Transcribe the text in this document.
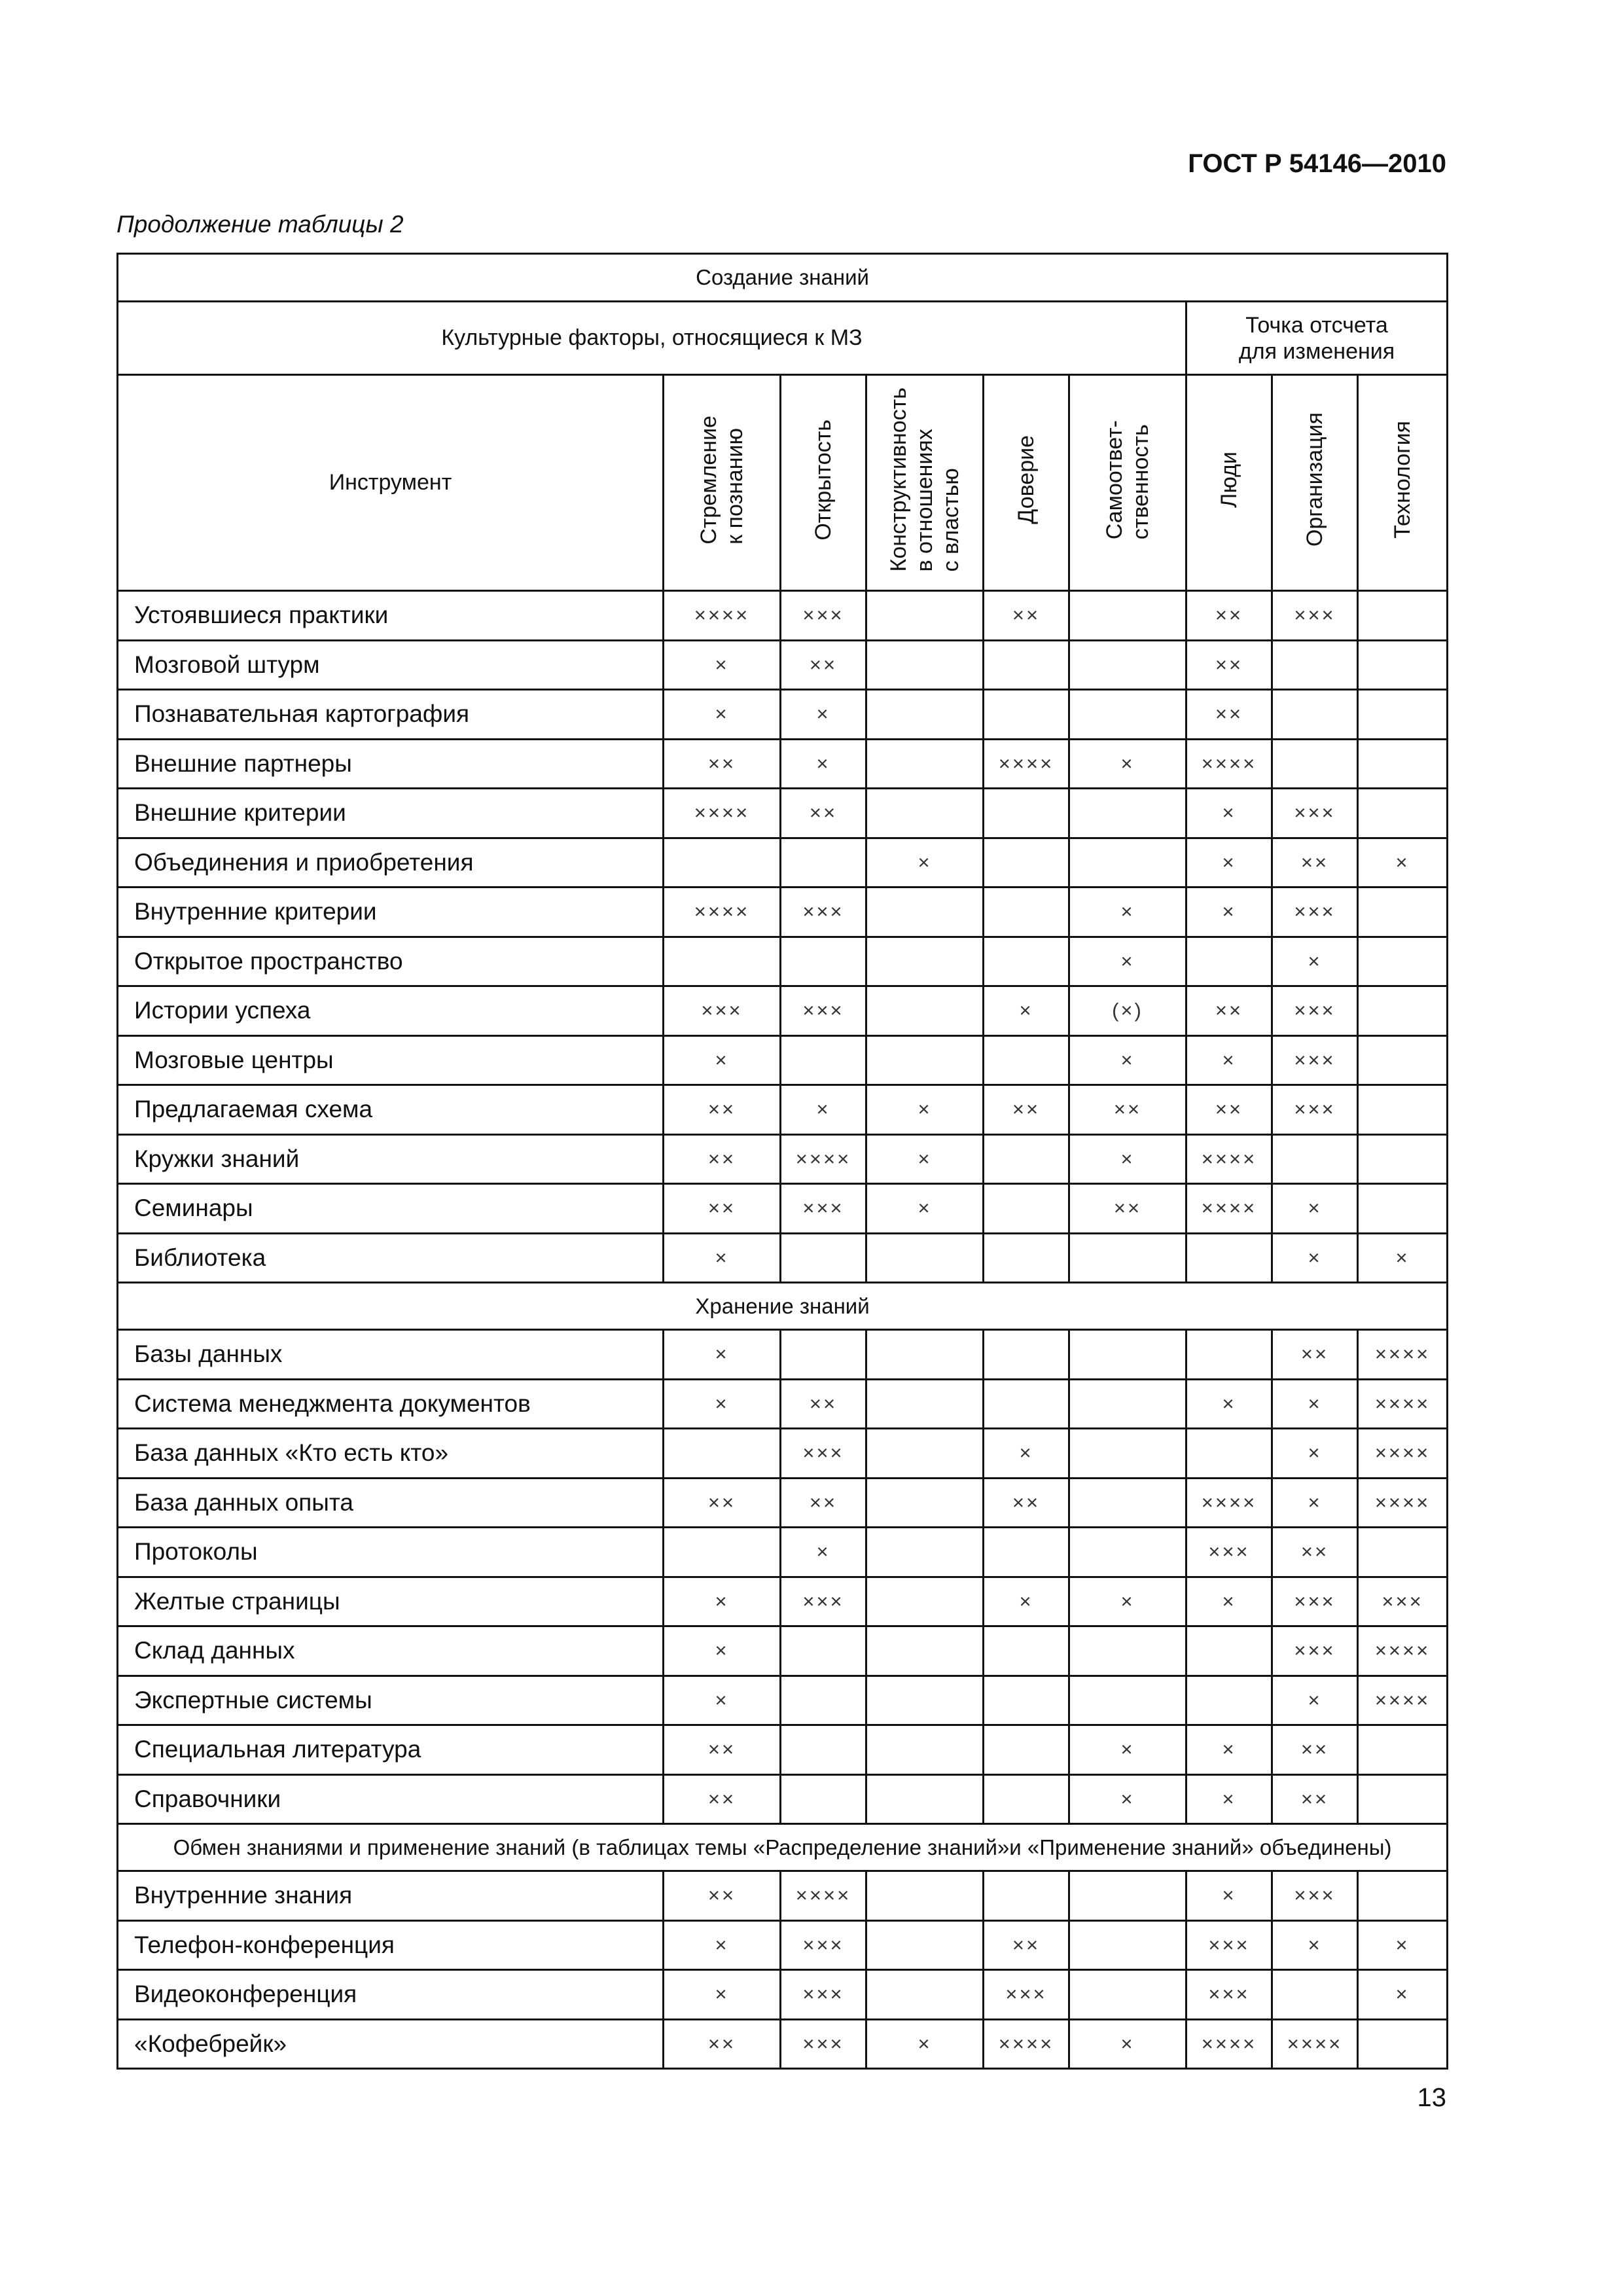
ГОСТ Р 54146—2010
Продолжение таблицы 2
Создание знаний								
Культурные факторы, относящиеся к МЗ						Точка отсчета
для изменения		
Инструмент	Стремление
к познанию	Открытость	Конструктивность
в отношениях
с властью	Доверие	Самоответ-
ственность	Люди	Организация	Технология
Устоявшиеся практики	××××	×××		××		××	×××	
Мозговой штурм	×	××				××		
Познавательная картография	×	×				××		
Внешние партнеры	××	×		××××	×	××××		
Внешние критерии	××××	××				×	×××	
Объединения и приобретения			×			×	××	×
Внутренние критерии	××××	×××			×	×	×××	
Открытое пространство					×		×	
Истории успеха	×××	×××		×	(×)	××	×××	
Мозговые центры	×				×	×	×××	
Предлагаемая схема	××	×	×	××	××	××	×××	
Кружки знаний	××	××××	×		×	××××		
Семинары	××	×××	×		××	××××	×	
Библиотека	×						×	×
Хранение знаний								
Базы данных	×						××	××××
Система менеджмента документов	×	××				×	×	××××
База данных «Кто есть кто»		×××		×			×	××××
База данных опыта	××	××		××		××××	×	××××
Протоколы		×				×××	××	
Желтые страницы	×	×××		×	×	×	×××	×××
Склад данных	×						×××	××××
Экспертные системы	×						×	××××
Специальная литература	××				×	×	××	
Справочники	××				×	×	××	
Обмен знаниями и применение знаний (в таблицах темы «Распределение знаний»и «Применение знаний» объединены)								
Внутренние знания	××	××××				×	×××	
Телефон-конференция	×	×××		××		×××	×	×
Видеоконференция	×	×××		×××		×××		×
«Кофебрейк»	××	×××	×	××××	×	××××	××××	
13
